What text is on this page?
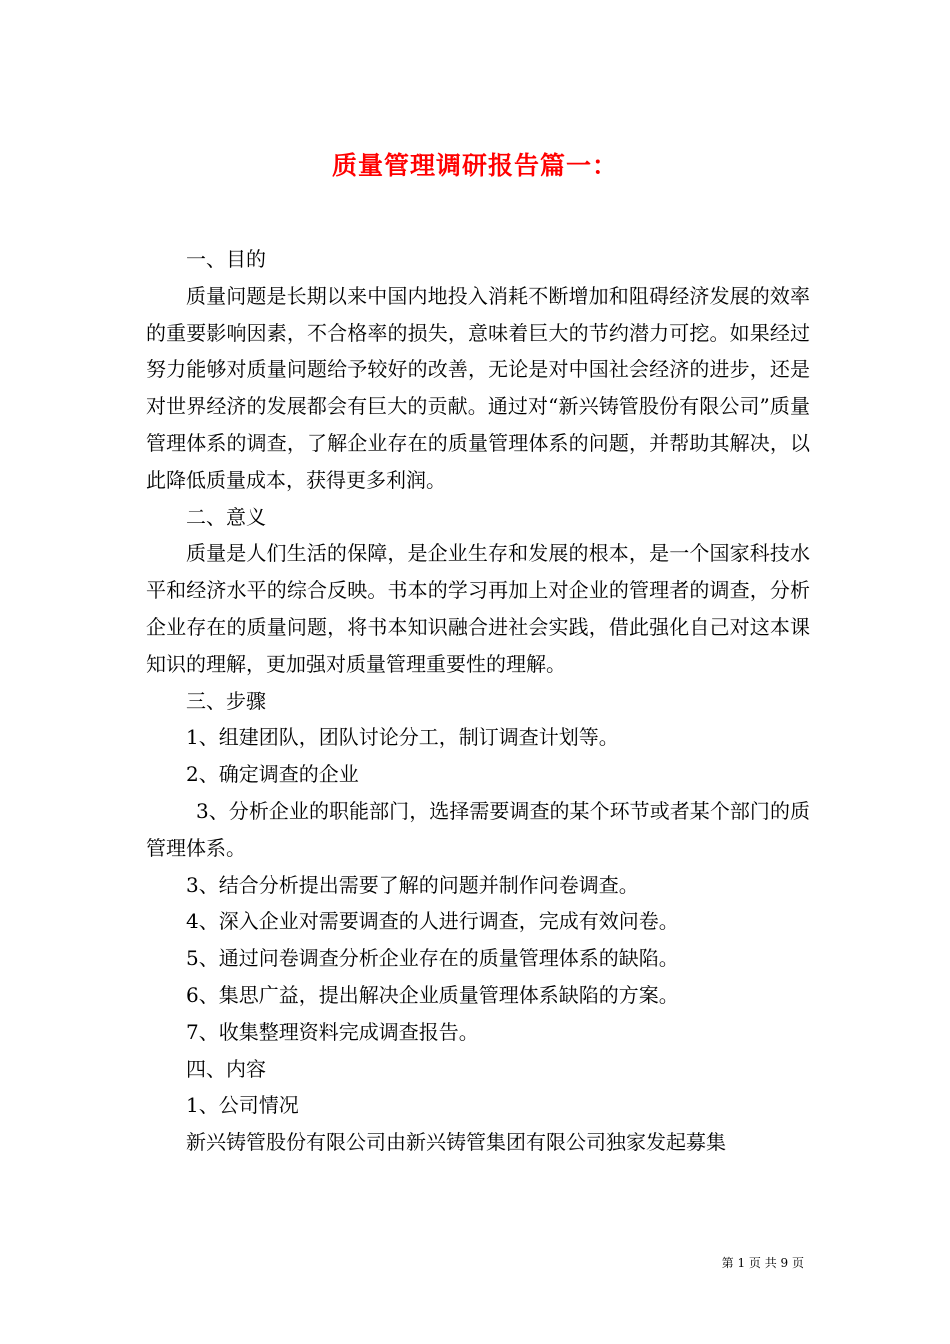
质量管理调研报告篇一：

一、目的

质量问题是长期以来中国内地投入消耗不断增加和阻碍经济发展的效率的重要影响因素，不合格率的损失，意味着巨大的节约潜力可挖。如果经过努力能够对质量问题给予较好的改善，无论是对中国社会经济的进步，还是对世界经济的发展都会有巨大的贡献。通过对“新兴铸管股份有限公司”质量管理体系的调查，了解企业存在的质量管理体系的问题，并帮助其解决，以此降低质量成本，获得更多利润。

二、意义

质量是人们生活的保障，是企业生存和发展的根本，是一个国家科技水平和经济水平的综合反映。书本的学习再加上对企业的管理者的调查，分析企业存在的质量问题，将书本知识融合进社会实践，借此强化自己对这本课知识的理解，更加强对质量管理重要性的理解。

三、步骤

1、组建团队，团队讨论分工，制订调查计划等。

2、确定调查的企业

3、分析企业的职能部门，选择需要调查的某个环节或者某个部门的质管理体系。

3、结合分析提出需要了解的问题并制作问卷调查。

4、深入企业对需要调查的人进行调查，完成有效问卷。

5、通过问卷调查分析企业存在的质量管理体系的缺陷。

6、集思广益，提出解决企业质量管理体系缺陷的方案。

7、收集整理资料完成调查报告。

四、内容

1、公司情况

新兴铸管股份有限公司由新兴铸管集团有限公司独家发起募集

第 1 页 共 9 页
